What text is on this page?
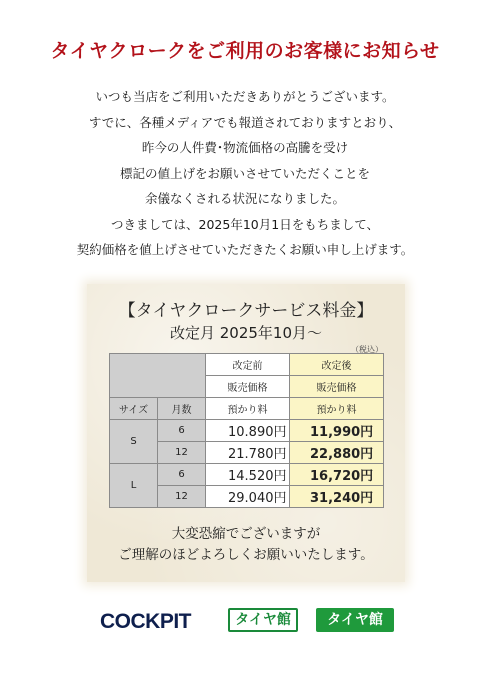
タイヤクロークをご利用のお客様にお知らせ
いつも当店をご利用いただきありがとうございます。
すでに、各種メディアでも報道されておりますとおり、
昨今の人件費･物流価格の高騰を受け
標記の値上げをお願いさせていただくことを
余儀なくされる状況になりました。
つきましては、2025年10月1日をもちまして、
契約価格を値上げさせていただきたくお願い申し上げます。
【タイヤクロークサービス料金】
改定月 2025年10月～
（税込）
		改定前	改定後
		販売価格	販売価格
サイズ	月数	預かり料	預かり料
S	6	10.890円	11,990円
	12	21.780円	22,880円
L	6	14.520円	16,720円
	12	29.040円	31,240円
大変恐縮でございますが
ご理解のほどよろしくお願いいたします。
COCKPIT	タイヤ館	タイヤ館
